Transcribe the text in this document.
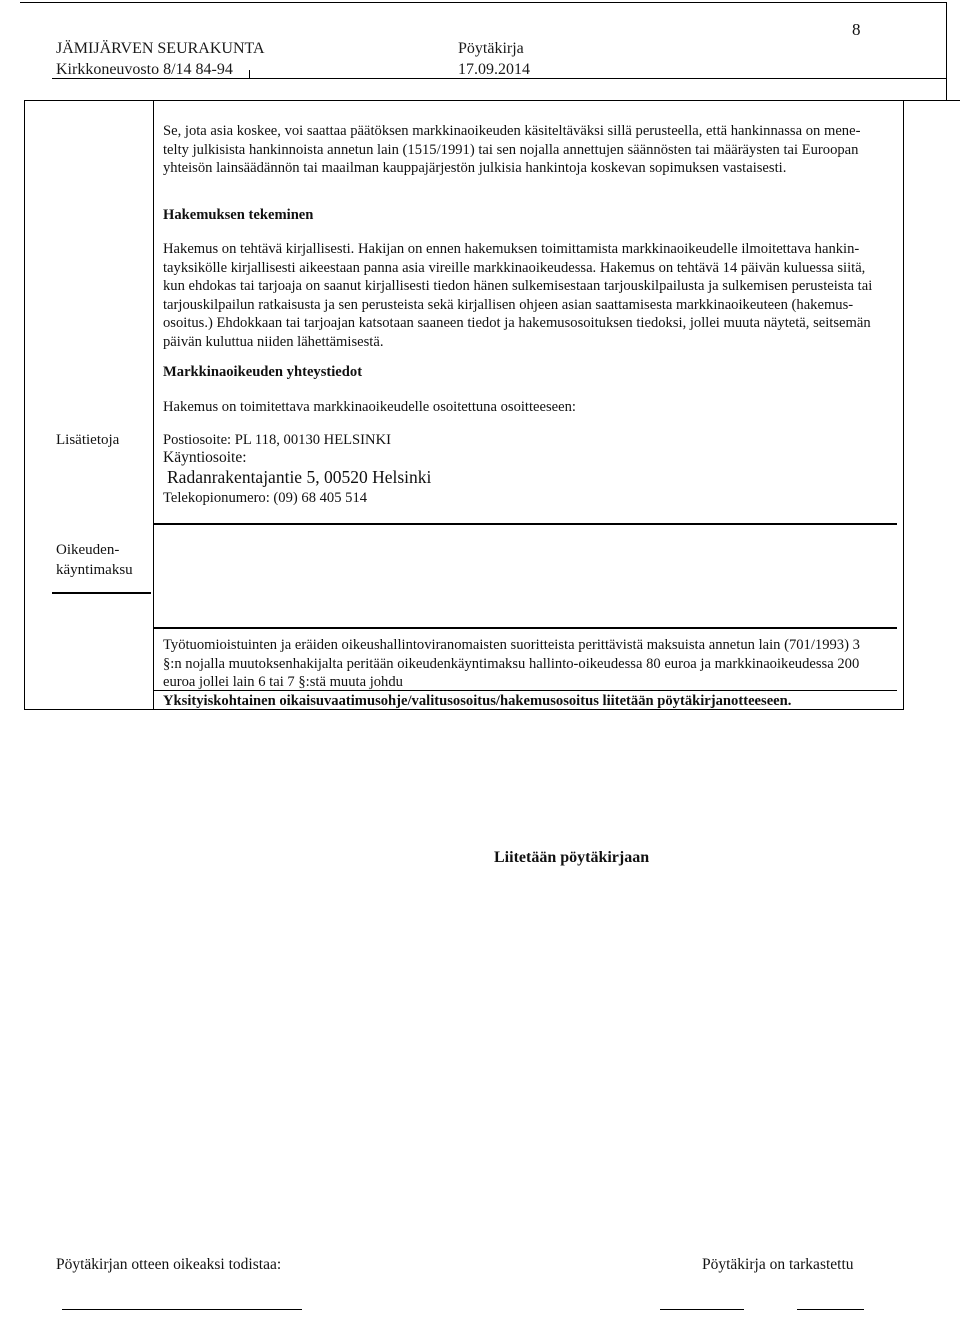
8
JÄMIJÄRVEN SEURAKUNTA	Pöytäkirja
Kirkkoneuvosto 8/14 84-94	17.09.2014
Se, jota asia koskee, voi saattaa päätöksen markkinaoikeuden käsiteltäväksi sillä perusteella, että hankinnassa on mene-
telty julkisista hankinnoista annetun lain (1515/1991) tai sen nojalla annettujen säännösten tai määräysten tai Euroopan
yhteisön lainsäädännön tai maailman kauppajärjestön julkisia hankintoja koskevan sopimuksen vastaisesti.
Hakemuksen tekeminen
Hakemus on tehtävä kirjallisesti. Hakijan on ennen hakemuksen toimittamista markkinaoikeudelle ilmoitettava hankin-
tayksikölle kirjallisesti aikeestaan panna asia vireille markkinaoikeudessa. Hakemus on tehtävä 14 päivän kuluessa siitä,
kun ehdokas tai tarjoaja on saanut kirjallisesti tiedon hänen sulkemisestaan tarjouskilpailusta ja sulkemisen perusteista tai
tarjouskilpailun ratkaisusta ja sen perusteista sekä kirjallisen ohjeen asian saattamisesta markkinaoikeuteen (hakemus-
osoitus.) Ehdokkaan tai tarjoajan katsotaan saaneen tiedot ja hakemusosoituksen tiedoksi, jollei muuta näytetä, seitsemän
päivän kuluttua niiden lähettämisestä.
Markkinaoikeuden yhteystiedot
Hakemus on toimitettava markkinaoikeudelle osoitettuna osoitteeseen:
Lisätietoja	Postiosoite: PL 118, 00130 HELSINKI
Käyntiosoite:
Radanrakentajantie 5, 00520 Helsinki
Telekopionumero: (09) 68 405 514
Oikeuden-
käyntimaksu
Työtuomioistuinten ja eräiden oikeushallintoviranomaisten suoritteista perittävistä maksuista annetun lain (701/1993) 3
§:n nojalla muutoksenhakijalta peritään oikeudenkäyntimaksu hallinto-oikeudessa 80 euroa ja markkinaoikeudessa 200
euroa jollei lain 6 tai 7 §:stä muuta johdu
Yksityiskohtainen oikaisuvaatimusohje/valitusosoitus/hakemusosoitus liitetään pöytäkirjanotteeseen.
Liitetään pöytäkirjaan
Pöytäkirjan otteen oikeaksi todistaa:	Pöytäkirja on tarkastettu
